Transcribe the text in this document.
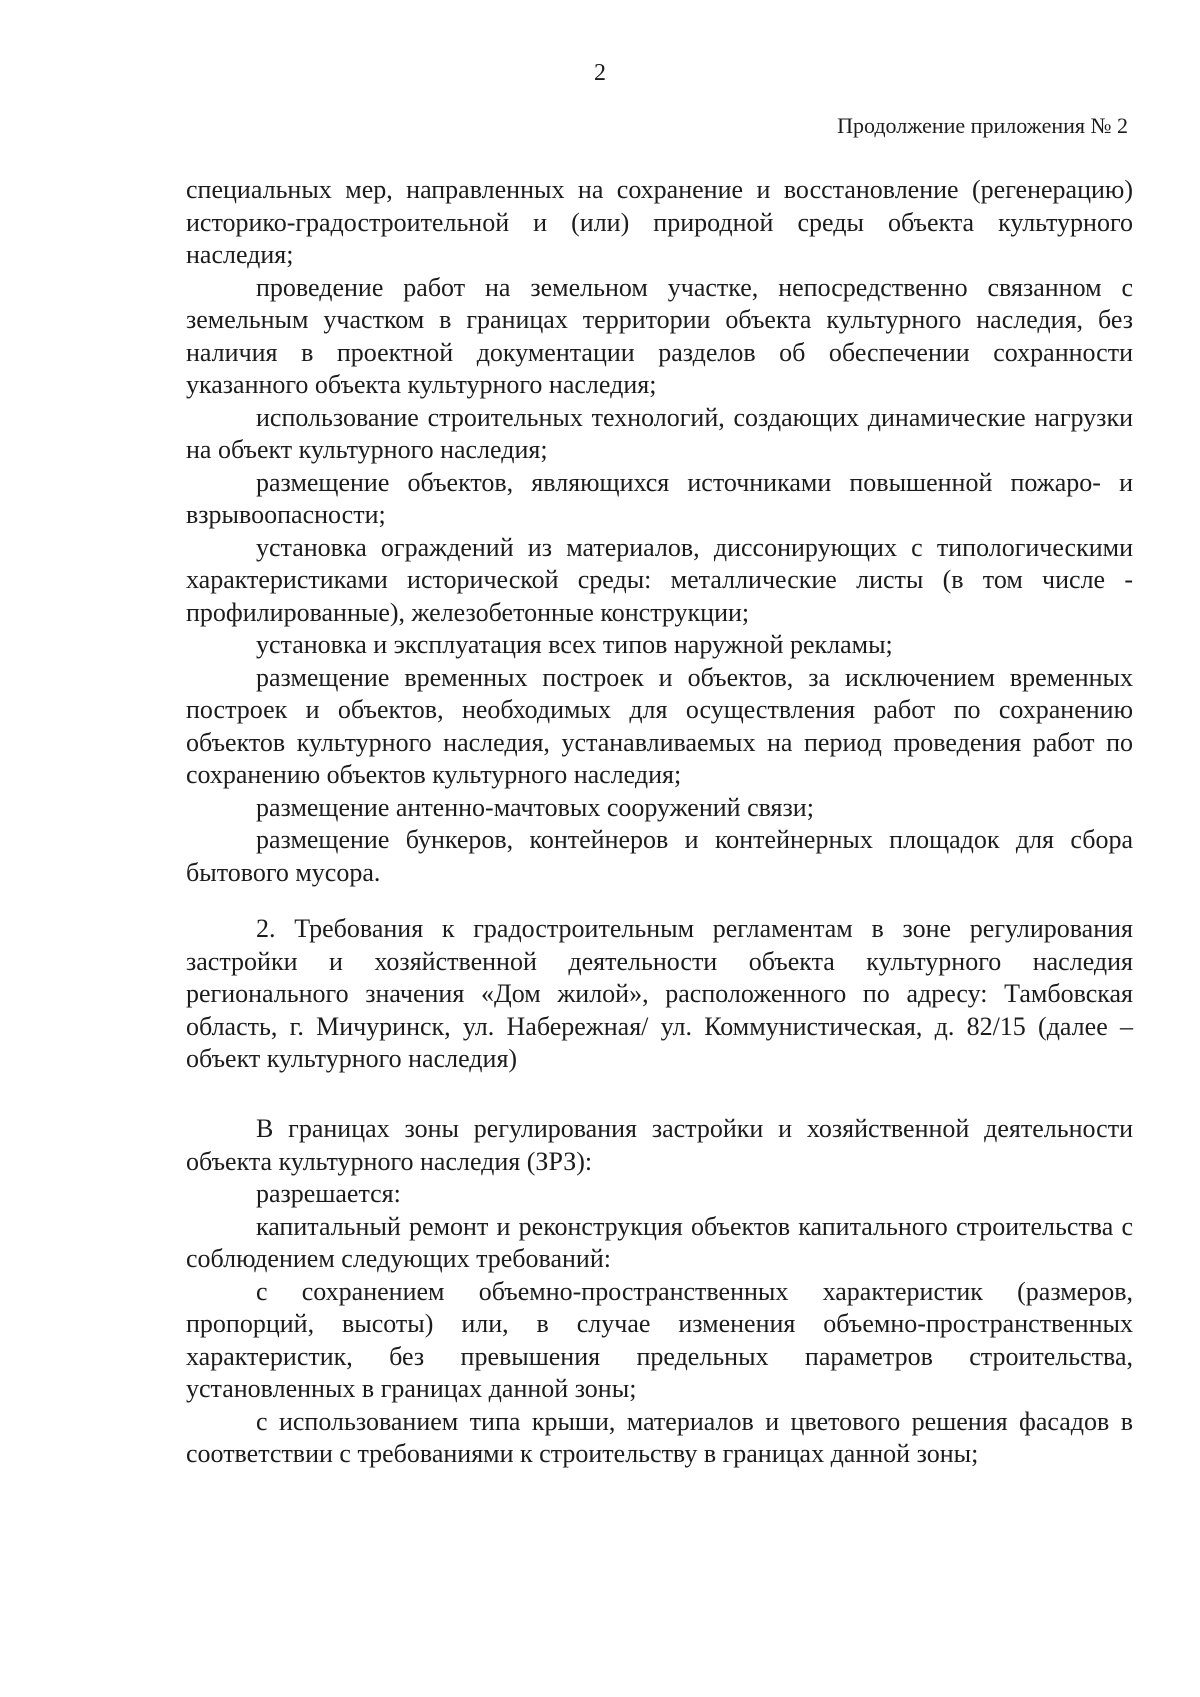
2
Продолжение приложения № 2

специальных мер, направленных на сохранение и восстановление (регенерацию) историко-градостроительной и (или) природной среды объекта культурного наследия;

проведение работ на земельном участке, непосредственно связанном с земельным участком в границах территории объекта культурного наследия, без наличия в проектной документации разделов об обеспечении сохранности указанного объекта культурного наследия;

использование строительных технологий, создающих динамические нагрузки на объект культурного наследия;

размещение объектов, являющихся источниками повышенной пожаро- и взрывоопасности;

установка ограждений из материалов, диссонирующих с типологическими характеристиками исторической среды: металлические листы (в том числе - профилированные), железобетонные конструкции;

установка и эксплуатация всех типов наружной рекламы;

размещение временных построек и объектов, за исключением временных построек и объектов, необходимых для осуществления работ по сохранению объектов культурного наследия, устанавливаемых на период проведения работ по сохранению объектов культурного наследия;

размещение антенно-мачтовых сооружений связи;

размещение бункеров, контейнеров и контейнерных площадок для сбора бытового мусора.

2. Требования к градостроительным регламентам в зоне регулирования застройки и хозяйственной деятельности объекта культурного наследия регионального значения «Дом жилой», расположенного по адресу: Тамбовская область, г. Мичуринск, ул. Набережная/ ул. Коммунистическая, д. 82/15 (далее – объект культурного наследия)

В границах зоны регулирования застройки и хозяйственной деятельности объекта культурного наследия (ЗРЗ):

разрешается:

капитальный ремонт и реконструкция объектов капитального строительства с соблюдением следующих требований:

с сохранением объемно-пространственных характеристик (размеров, пропорций, высоты) или, в случае изменения объемно-пространственных характеристик, без превышения предельных параметров строительства, установленных в границах данной зоны;

с использованием типа крыши, материалов и цветового решения фасадов в соответствии с требованиями к строительству в границах данной зоны;
